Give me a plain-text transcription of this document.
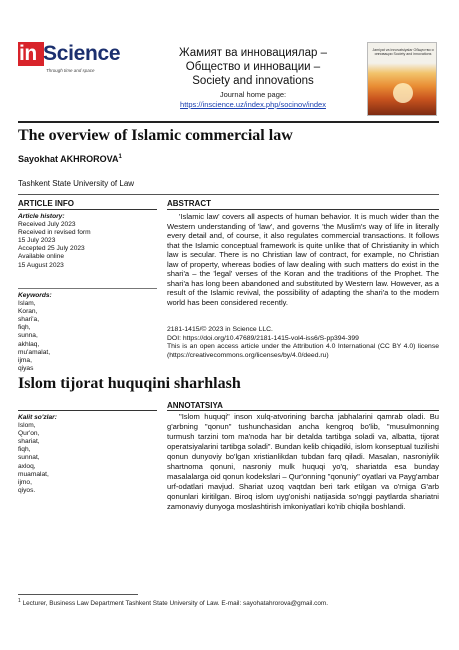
in Science
Through time and space
Жамият ва инновациялар –
Общество и инновации –
Society and innovations
Journal home page:
https://inscience.uz/index.php/socinov/index
Jamiyat va innovatsiyalar Общество и инновации Society and innovations
The overview of Islamic commercial law
Sayokhat AKHROROVA$^1$
Tashkent State University of Law
ARTICLE INFO	ABSTRACT
Article history:
Received July 2023
Received in revised form
15 July 2023
Accepted 25 July 2023
Available online
15 August 2023
Keywords:
Islam,
Koran,
shari'a,
fiqh,
sunna,
akhlaq,
mu'amalat,
ijma,
qiyas
'Islamic law' covers all aspects of human behavior. It is much wider than the Western understanding of 'law', and governs 'the Muslim's way of life in literally every detail and, of course, it also regulates commercial transactions. It follows that the Islamic conceptual framework is quite unlike that of Christianity in which law is secular. There is no Christian law of contract, for example, no Christian law of property, whereas bodies of law dealing with such matters do exist in the shari'a – the 'legal' verses of the Koran and the traditions of the Prophet. The shari'a has long been abandoned and substituted by Western law. However, as a result of the Islamic revival, the possibility of adapting the shari'a to the modern world has been considered recently.
2181-1415/© 2023 in Science LLC.
DOI: https://doi.org/10.47689/2181-1415-vol4-iss6/S-pp394-399
This is an open access article under the Attribution 4.0 International (CC BY 4.0) license (https://creativecommons.org/licenses/by/4.0/deed.ru)
Islom tijorat huquqini sharhlash
ANNOTATSIYA
Kalit so'zlar:
Islom,
Qur'on,
shariat,
fiqh,
sunnat,
axloq,
muamalat,
ijmo,
qiyos.
"Islom huquqi" inson xulq-atvorining barcha jabhalarini qamrab oladi. Bu g'arbning "qonun" tushunchasidan ancha kengroq bo'lib, "musulmonning turmush tarzini tom ma'noda har bir detalda tartibga soladi va, albatta, tijorat operatsiyalarini tartibga soladi". Bundan kelib chiqadiki, islom konseptual tuzilishi qonun dunyoviy bo'lgan xristianlikdan tubdan farq qiladi. Masalan, nasroniylik shartnoma qonuni, nasroniy mulk huquqi yo'q, shariatda esa bunday masalalarga oid qonun kodekslari – Qur'onning "qonuniy" oyatlari va Payg'ambar urf-odatlari mavjud. Shariat uzoq vaqtdan beri tark etilgan va o'rniga G'arb qonunlari kiritilgan. Biroq islom uyg'onishi natijasida so'nggi paytlarda shariatni zamonaviy dunyoga moslashtirish imkoniyatlari ko'rib chiqila boshlandi.
$^1$ Lecturer, Business Law Department Tashkent State University of Law. E-mail: sayohatahrorova@gmail.com.
